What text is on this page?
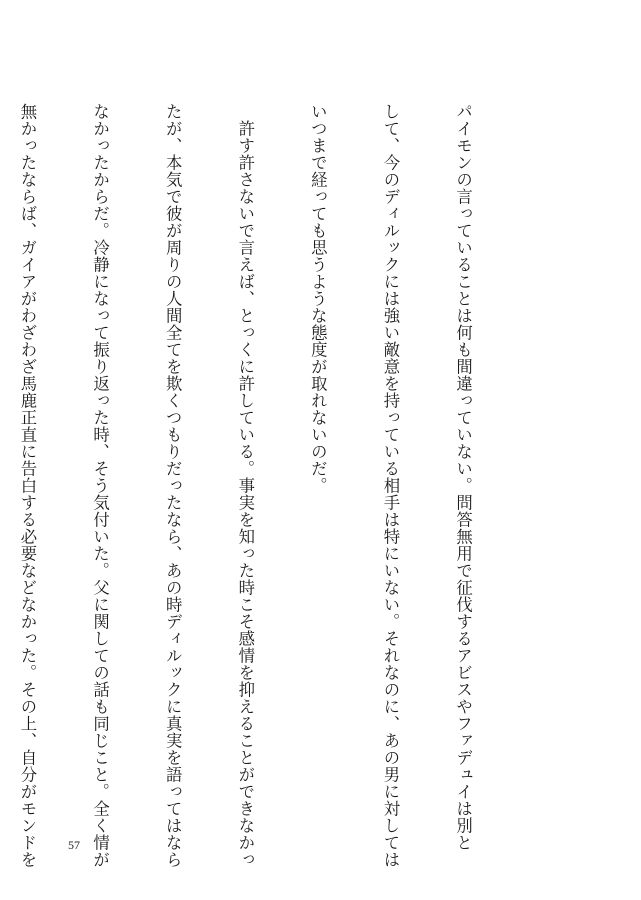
パイモンの言っていることは何も間違っていない。問答無用で征伐するアビスやファデュイは別と

して、今のディルックには強い敵意を持っている相手は特にいない。それなのに、あの男に対しては

いつまで経っても思うような態度が取れないのだ。

　許す許さないで言えば、とっくに許している。事実を知った時こそ感情を抑えることができなかっ

たが、本気で彼が周りの人間全てを欺くつもりだったなら、あの時ディルックに真実を語ってはなら

なかったからだ。冷静になって振り返った時、そう気付いた。父に関しての話も同じこと。全く情が

無かったならば、ガイアがわざわざ馬鹿正直に告白する必要などなかった。その上、自分がモンドを

	57
